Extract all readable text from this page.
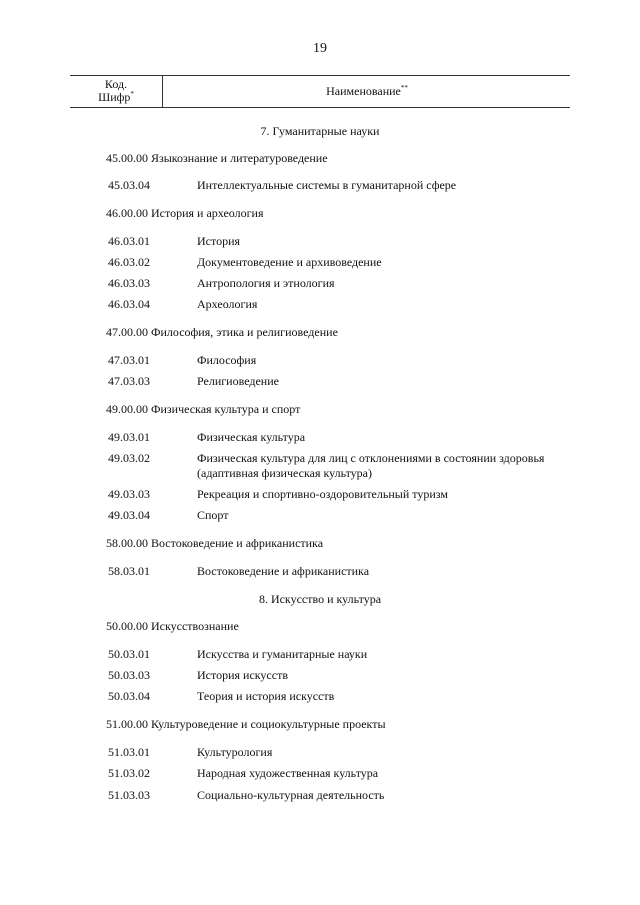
19
Код.
Шифр*	Наименование**
7. Гуманитарные науки
45.00.00 Языкознание и литературоведение
45.03.04	Интеллектуальные системы в гуманитарной сфере
46.00.00 История и археология
46.03.01	История
46.03.02	Документоведение и архивоведение
46.03.03	Антропология и этнология
46.03.04	Археология
47.00.00 Философия, этика и религиоведение
47.03.01	Философия
47.03.03	Религиоведение
49.00.00 Физическая культура и спорт
49.03.01	Физическая культура
49.03.02	Физическая культура для лиц с отклонениями в состоянии здоровья (адаптивная физическая культура)
49.03.03	Рекреация и спортивно-оздоровительный туризм
49.03.04	Спорт
58.00.00 Востоковедение и африканистика
58.03.01	Востоковедение и африканистика
8. Искусство и культура
50.00.00 Искусствознание
50.03.01	Искусства и гуманитарные науки
50.03.03	История искусств
50.03.04	Теория и история искусств
51.00.00 Культуроведение и социокультурные проекты
51.03.01	Культурология
51.03.02	Народная художественная культура
51.03.03	Социально-культурная деятельность
